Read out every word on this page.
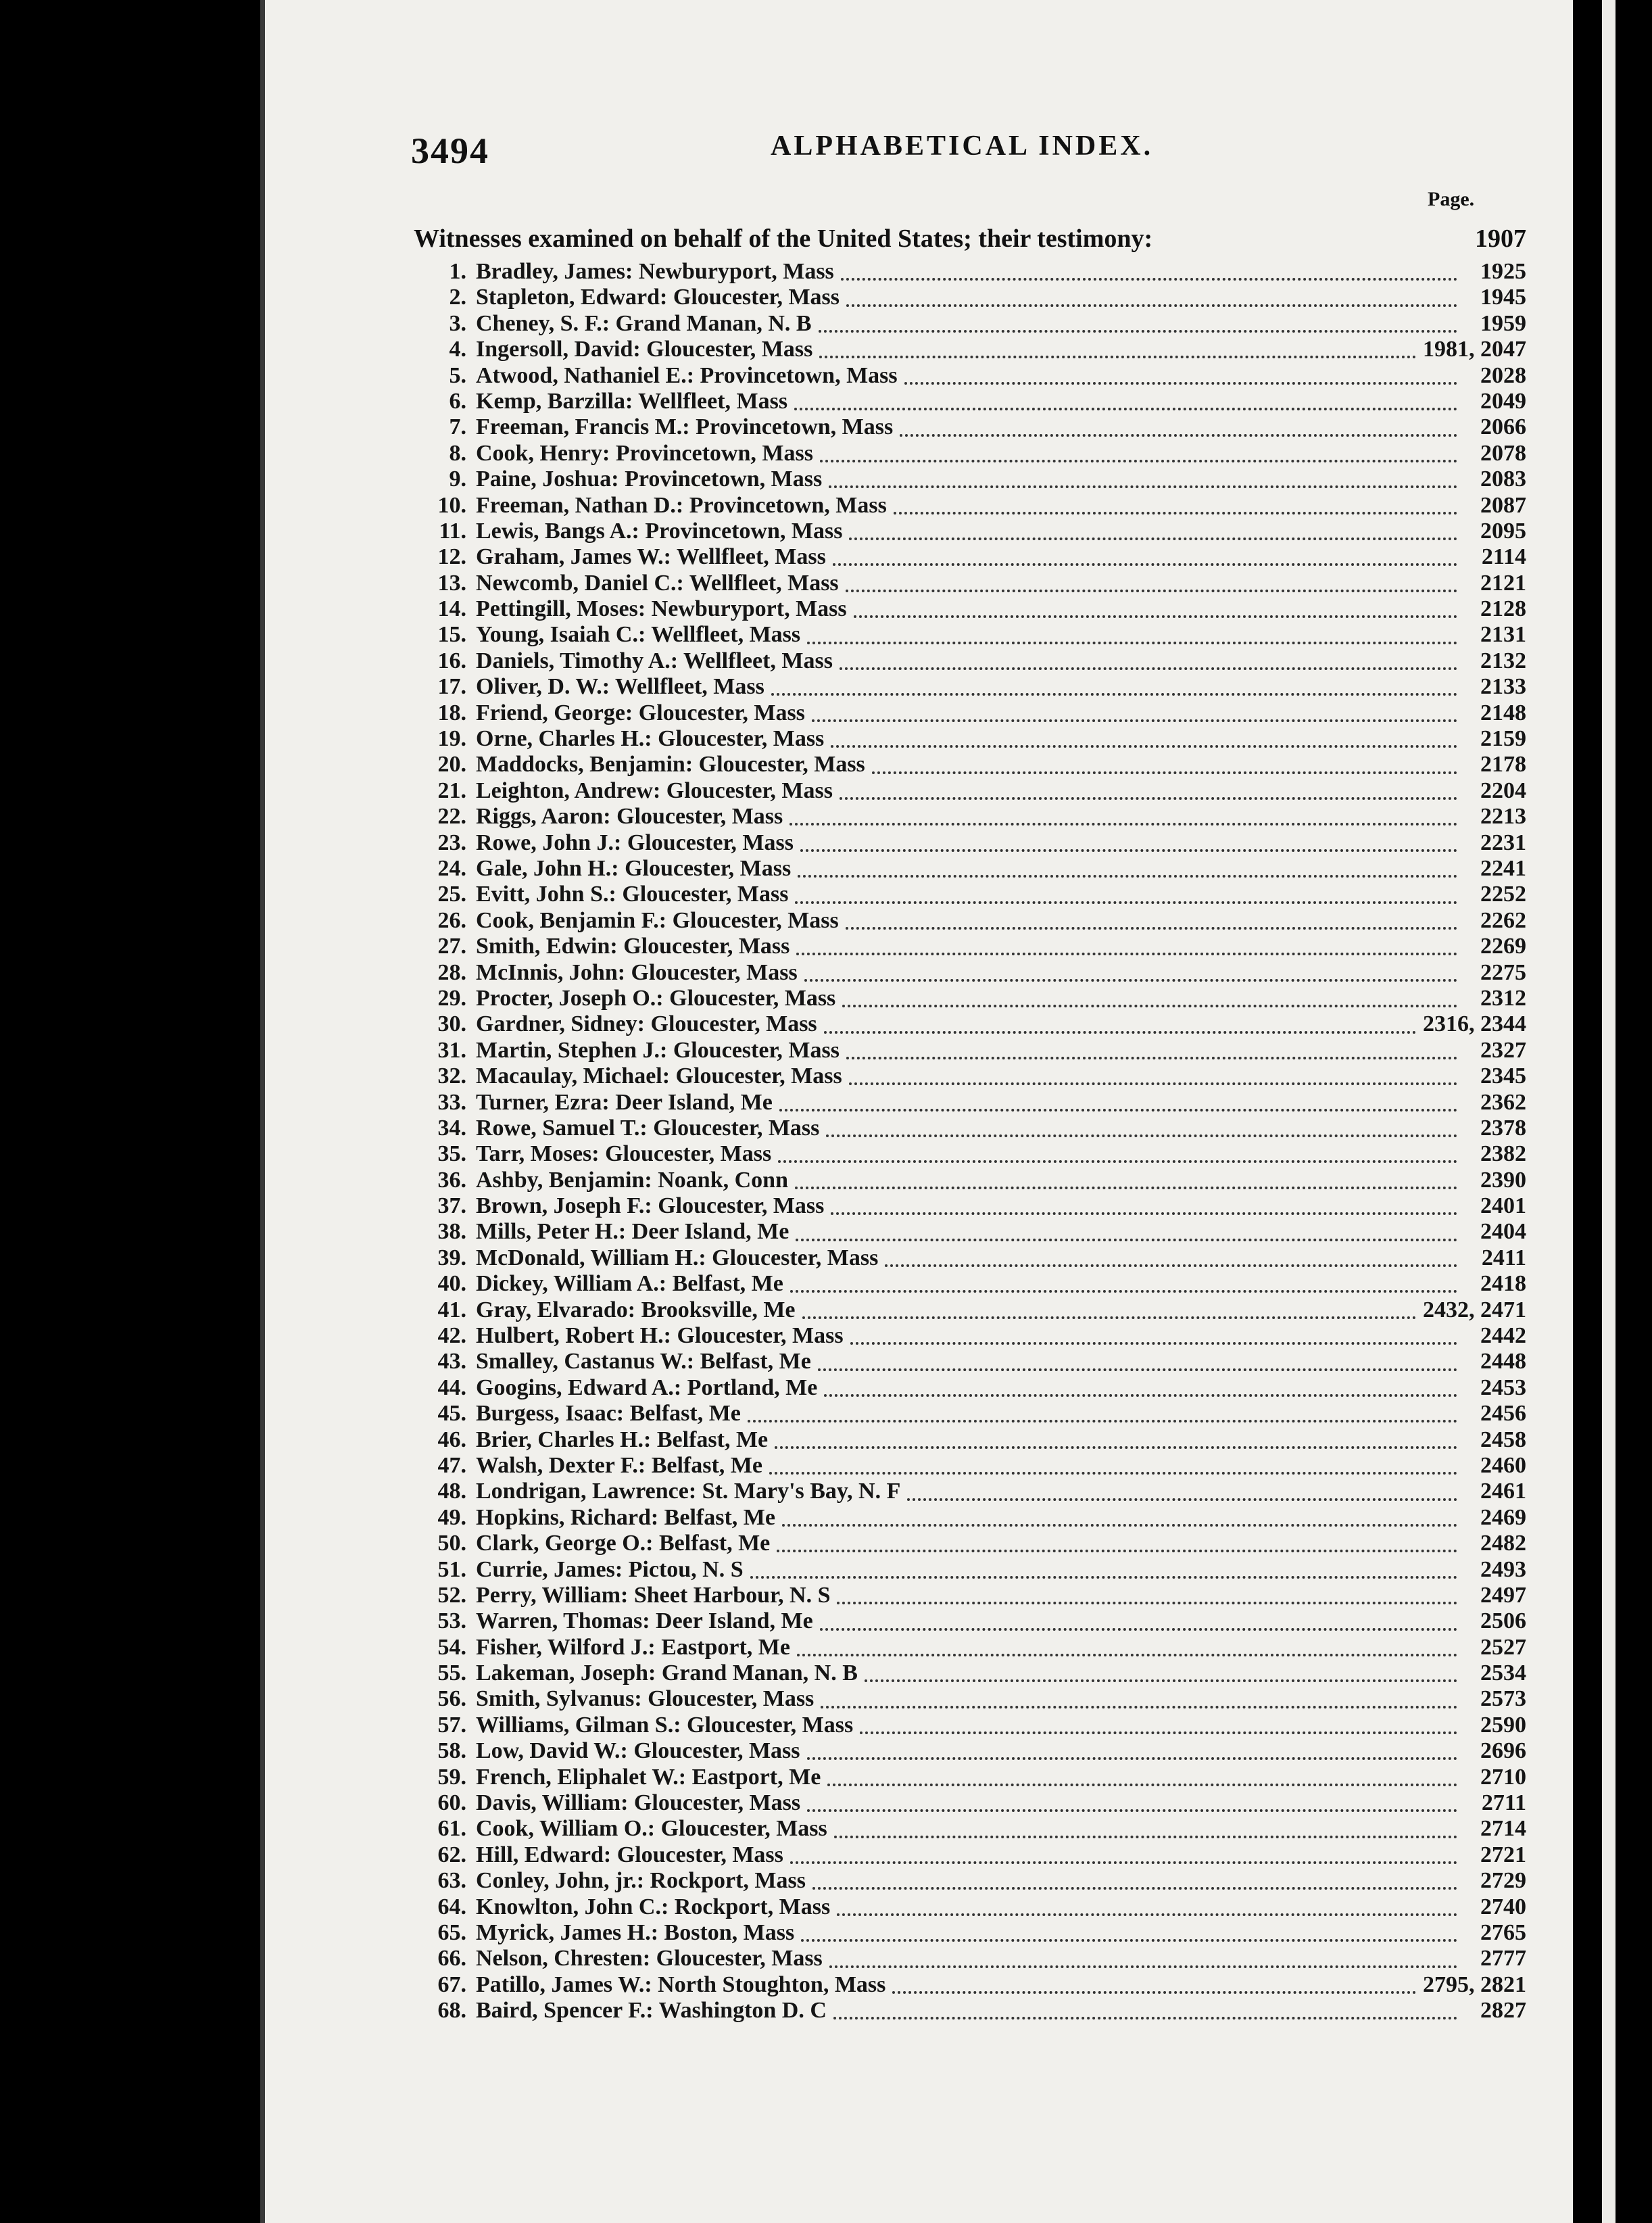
3494	ALPHABETICAL INDEX.
Page.
Witnesses examined on behalf of the United States; their testimony:	1907
1. Bradley, James: Newburyport, Mass	1925
2. Stapleton, Edward: Gloucester, Mass	1945
3. Cheney, S. F.: Grand Manan, N. B	1959
4. Ingersoll, David: Gloucester, Mass	1981, 2047
5. Atwood, Nathaniel E.: Provincetown, Mass	2028
6. Kemp, Barzilla: Wellfleet, Mass	2049
7. Freeman, Francis M.: Provincetown, Mass	2066
8. Cook, Henry: Provincetown, Mass	2078
9. Paine, Joshua: Provincetown, Mass	2083
10. Freeman, Nathan D.: Provincetown, Mass	2087
11. Lewis, Bangs A.: Provincetown, Mass	2095
12. Graham, James W.: Wellfleet, Mass	2114
13. Newcomb, Daniel C.: Wellfleet, Mass	2121
14. Pettingill, Moses: Newburyport, Mass	2128
15. Young, Isaiah C.: Wellfleet, Mass	2131
16. Daniels, Timothy A.: Wellfleet, Mass	2132
17. Oliver, D. W.: Wellfleet, Mass	2133
18. Friend, George: Gloucester, Mass	2148
19. Orne, Charles H.: Gloucester, Mass	2159
20. Maddocks, Benjamin: Gloucester, Mass	2178
21. Leighton, Andrew: Gloucester, Mass	2204
22. Riggs, Aaron: Gloucester, Mass	2213
23. Rowe, John J.: Gloucester, Mass	2231
24. Gale, John H.: Gloucester, Mass	2241
25. Evitt, John S.: Gloucester, Mass	2252
26. Cook, Benjamin F.: Gloucester, Mass	2262
27. Smith, Edwin: Gloucester, Mass	2269
28. McInnis, John: Gloucester, Mass	2275
29. Procter, Joseph O.: Gloucester, Mass	2312
30. Gardner, Sidney: Gloucester, Mass	2316, 2344
31. Martin, Stephen J.: Gloucester, Mass	2327
32. Macaulay, Michael: Gloucester, Mass	2345
33. Turner, Ezra: Deer Island, Me	2362
34. Rowe, Samuel T.: Gloucester, Mass	2378
35. Tarr, Moses: Gloucester, Mass	2382
36. Ashby, Benjamin: Noank, Conn	2390
37. Brown, Joseph F.: Gloucester, Mass	2401
38. Mills, Peter H.: Deer Island, Me	2404
39. McDonald, William H.: Gloucester, Mass	2411
40. Dickey, William A.: Belfast, Me	2418
41. Gray, Elvarado: Brooksville, Me	2432, 2471
42. Hulbert, Robert H.: Gloucester, Mass	2442
43. Smalley, Castanus W.: Belfast, Me	2448
44. Googins, Edward A.: Portland, Me	2453
45. Burgess, Isaac: Belfast, Me	2456
46. Brier, Charles H.: Belfast, Me	2458
47. Walsh, Dexter F.: Belfast, Me	2460
48. Londrigan, Lawrence: St. Mary's Bay, N. F	2461
49. Hopkins, Richard: Belfast, Me	2469
50. Clark, George O.: Belfast, Me	2482
51. Currie, James: Pictou, N. S	2493
52. Perry, William: Sheet Harbour, N. S	2497
53. Warren, Thomas: Deer Island, Me	2506
54. Fisher, Wilford J.: Eastport, Me	2527
55. Lakeman, Joseph: Grand Manan, N. B	2534
56. Smith, Sylvanus: Gloucester, Mass	2573
57. Williams, Gilman S.: Gloucester, Mass	2590
58. Low, David W.: Gloucester, Mass	2696
59. French, Eliphalet W.: Eastport, Me	2710
60. Davis, William: Gloucester, Mass	2711
61. Cook, William O.: Gloucester, Mass	2714
62. Hill, Edward: Gloucester, Mass	2721
63. Conley, John, jr.: Rockport, Mass	2729
64. Knowlton, John C.: Rockport, Mass	2740
65. Myrick, James H.: Boston, Mass	2765
66. Nelson, Chresten: Gloucester, Mass	2777
67. Patillo, James W.: North Stoughton, Mass	2795, 2821
68. Baird, Spencer F.: Washington D. C	2827
